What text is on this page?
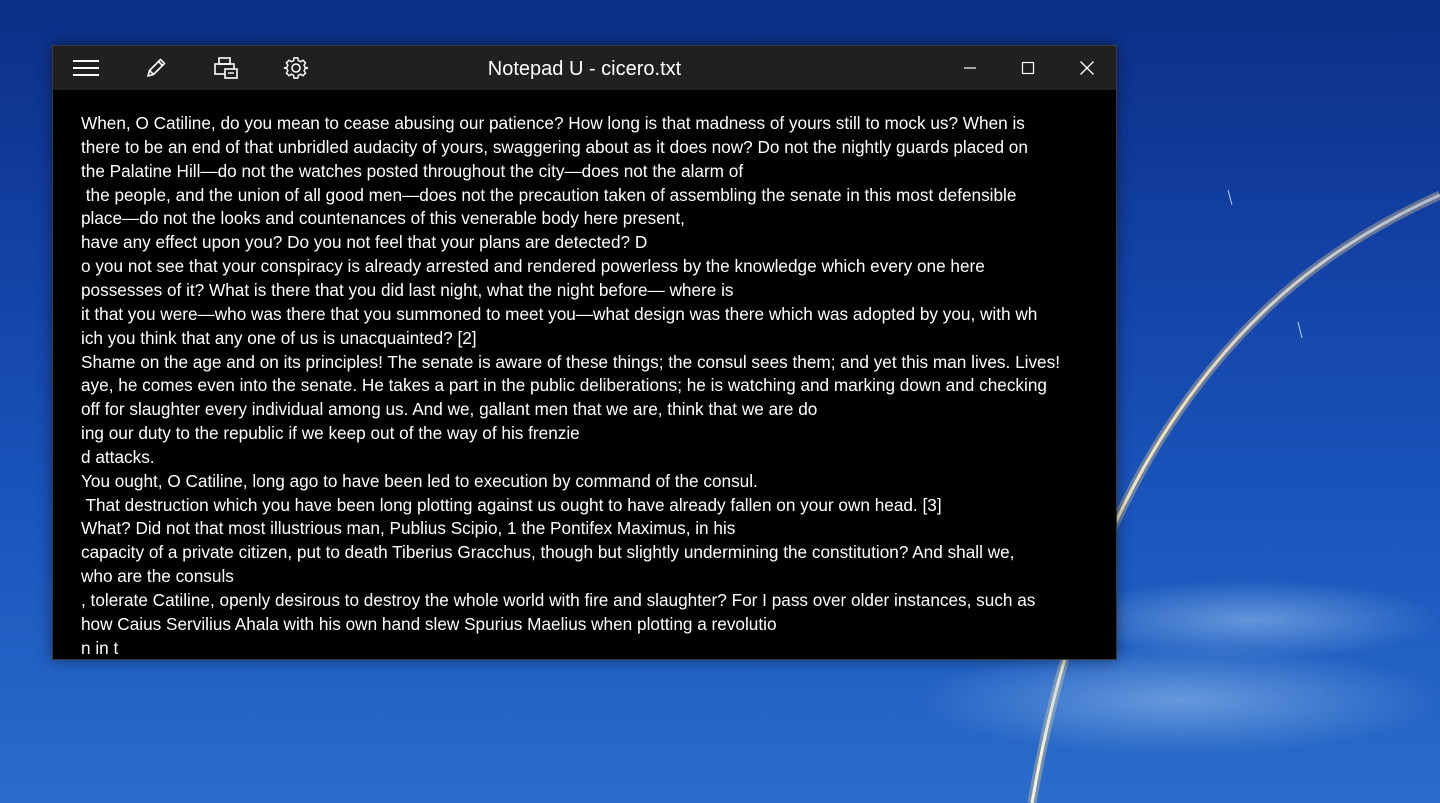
Notepad U - cicero.txt
When, O Catiline, do you mean to cease abusing our patience? How long is that madness of yours still to mock us? When is
there to be an end of that unbridled audacity of yours, swaggering about as it does now? Do not the nightly guards placed on
the Palatine Hill—do not the watches posted throughout the city—does not the alarm of
the people, and the union of all good men—does not the precaution taken of assembling the senate in this most defensible
place—do not the looks and countenances of this venerable body here present,
have any effect upon you? Do you not feel that your plans are detected? D
o you not see that your conspiracy is already arrested and rendered powerless by the knowledge which every one here
possesses of it? What is there that you did last night, what the night before— where is
it that you were—who was there that you summoned to meet you—what design was there which was adopted by you, with wh
ich you think that any one of us is unacquainted? [2]
Shame on the age and on its principles! The senate is aware of these things; the consul sees them; and yet this man lives. Lives!
aye, he comes even into the senate. He takes a part in the public deliberations; he is watching and marking down and checking
off for slaughter every individual among us. And we, gallant men that we are, think that we are do
ing our duty to the republic if we keep out of the way of his frenzie
d attacks.
You ought, O Catiline, long ago to have been led to execution by command of the consul.
That destruction which you have been long plotting against us ought to have already fallen on your own head. [3]
What? Did not that most illustrious man, Publius Scipio, 1 the Pontifex Maximus, in his
capacity of a private citizen, put to death Tiberius Gracchus, though but slightly undermining the constitution? And shall we,
who are the consuls
, tolerate Catiline, openly desirous to destroy the whole world with fire and slaughter? For I pass over older instances, such as
how Caius Servilius Ahala with his own hand slew Spurius Maelius when plotting a revolutio
n in t
